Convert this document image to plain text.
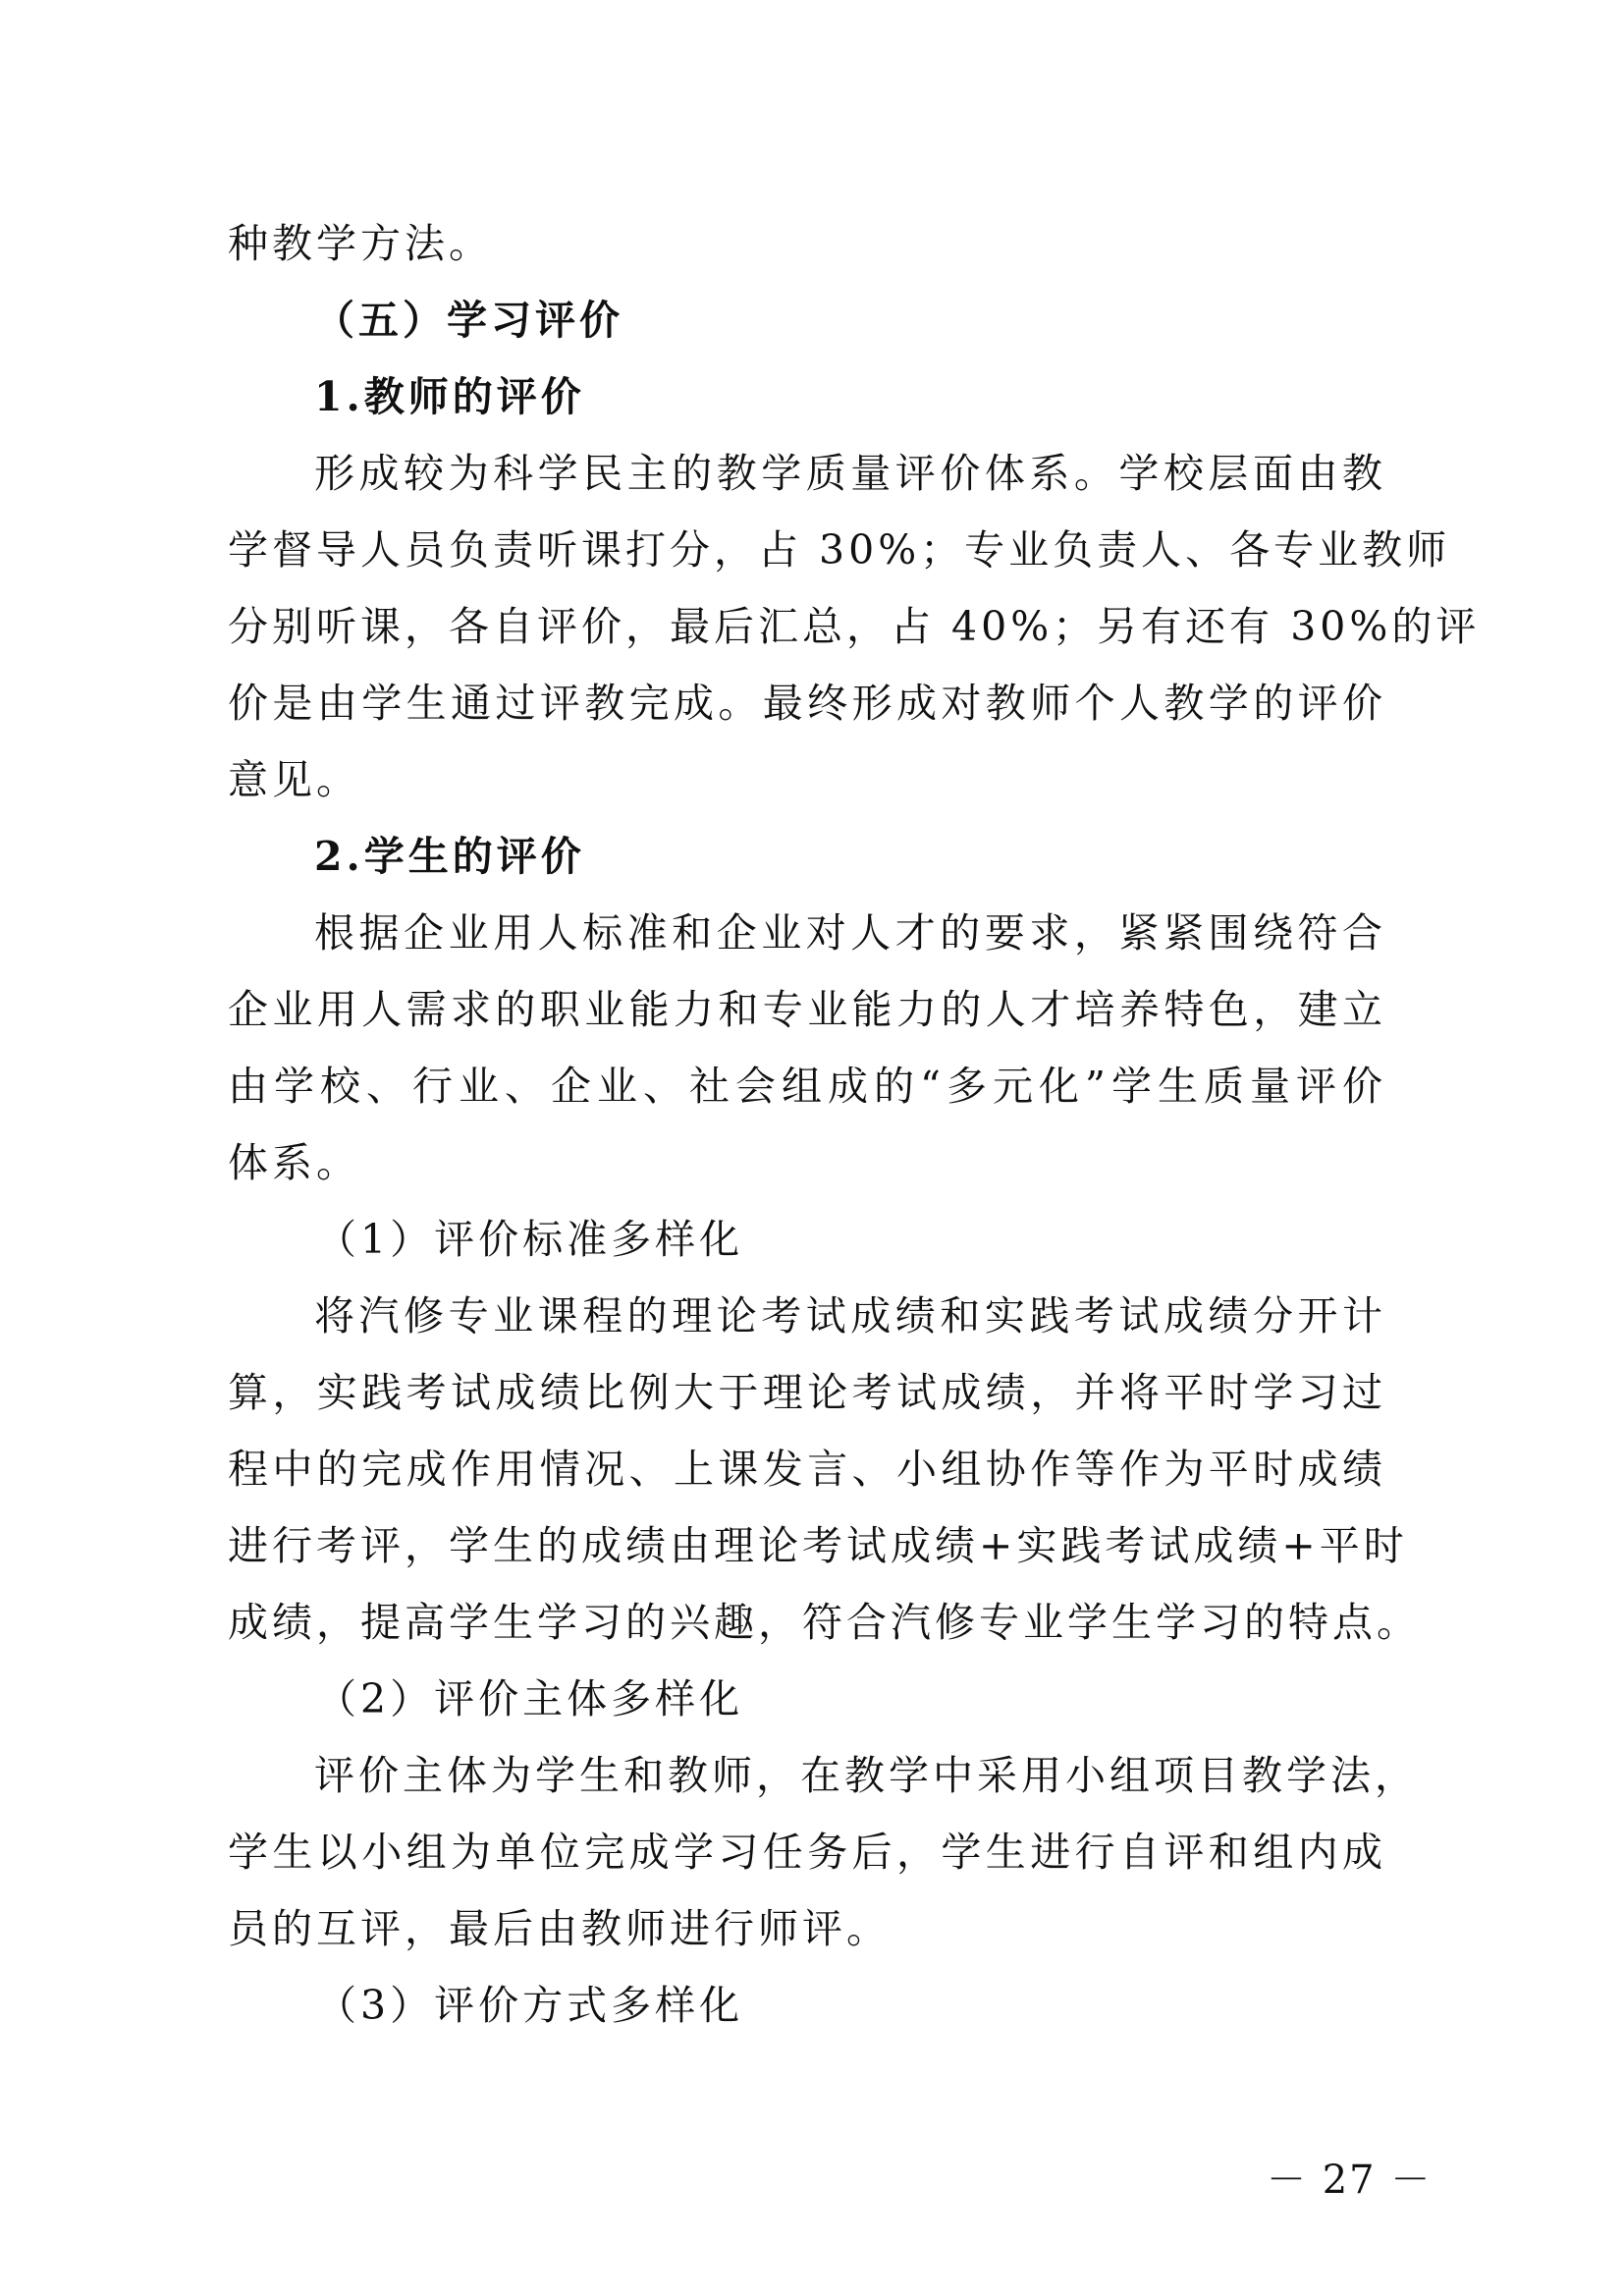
种教学方法。
（五）学习评价
1.教师的评价
形成较为科学民主的教学质量评价体系。学校层面由教
学督导人员负责听课打分，占 30%；专业负责人、各专业教师
分别听课，各自评价，最后汇总，占 40%；另有还有 30%的评
价是由学生通过评教完成。最终形成对教师个人教学的评价
意见。
2.学生的评价
根据企业用人标准和企业对人才的要求，紧紧围绕符合
企业用人需求的职业能力和专业能力的人才培养特色，建立
由学校、行业、企业、社会组成的“多元化”学生质量评价
体系。
（1）评价标准多样化
将汽修专业课程的理论考试成绩和实践考试成绩分开计
算，实践考试成绩比例大于理论考试成绩，并将平时学习过
程中的完成作用情况、上课发言、小组协作等作为平时成绩
进行考评，学生的成绩由理论考试成绩+实践考试成绩+平时
成绩，提高学生学习的兴趣，符合汽修专业学生学习的特点。
（2）评价主体多样化
评价主体为学生和教师，在教学中采用小组项目教学法，
学生以小组为单位完成学习任务后，学生进行自评和组内成
员的互评，最后由教师进行师评。
（3）评价方式多样化
－ 27 －
